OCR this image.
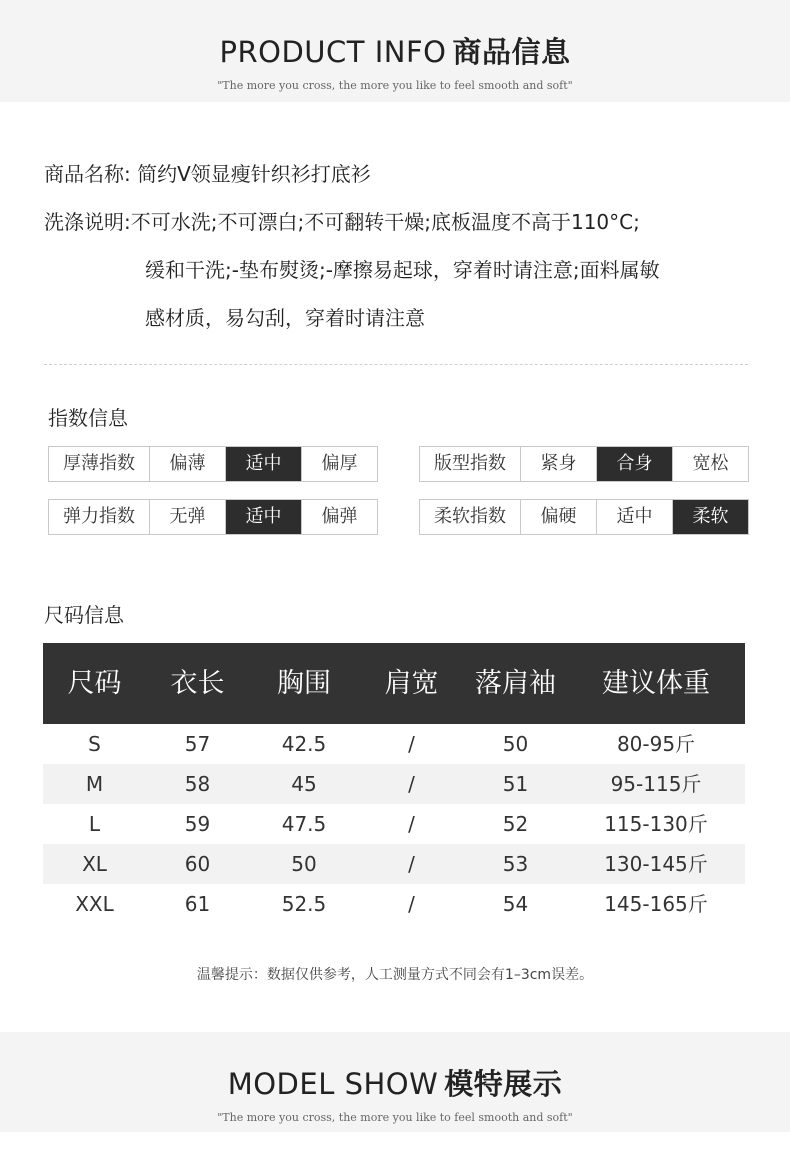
PRODUCT INFO 商品信息
"The more you cross, the more you like to feel smooth and soft"
商品名称: 简约V领显瘦针织衫打底衫
洗涤说明: 不可水洗;不可漂白;不可翻转干燥;底板温度不高于110°C;
缓和干洗;-垫布熨烫;-摩擦易起球，穿着时请注意;面料属敏
感材质，易勾刮，穿着时请注意
指数信息
厚薄指数	偏薄	适中	偏厚	版型指数	紧身	合身	宽松
弹力指数	无弹	适中	偏弹	柔软指数	偏硬	适中	柔软
尺码信息
尺码	衣长	胸围	肩宽	落肩袖	建议体重
S	57	42.5	/	50	80-95斤
M	58	45	/	51	95-115斤
L	59	47.5	/	52	115-130斤
XL	60	50	/	53	130-145斤
XXL	61	52.5	/	54	145-165斤
温馨提示：数据仅供参考，人工测量方式不同会有1–3cm误差。
MODEL SHOW 模特展示
"The more you cross, the more you like to feel smooth and soft"
